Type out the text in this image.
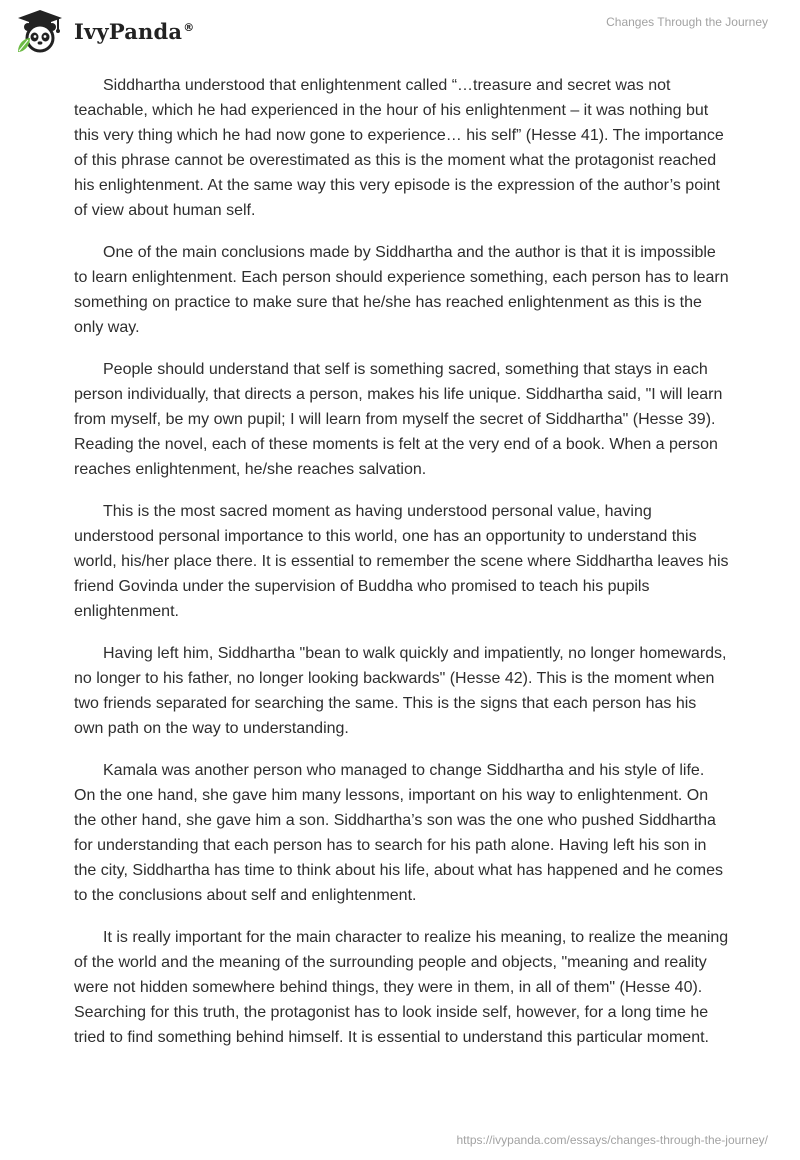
IvyPanda®	Changes Through the Journey

Siddhartha understood that enlightenment called “…treasure and secret was not teachable, which he had experienced in the hour of his enlightenment – it was nothing but this very thing which he had now gone to experience… his self” (Hesse 41). The importance of this phrase cannot be overestimated as this is the moment what the protagonist reached his enlightenment. At the same way this very episode is the expression of the author’s point of view about human self.

One of the main conclusions made by Siddhartha and the author is that it is impossible to learn enlightenment. Each person should experience something, each person has to learn something on practice to make sure that he/she has reached enlightenment as this is the only way.

People should understand that self is something sacred, something that stays in each person individually, that directs a person, makes his life unique. Siddhartha said, "I will learn from myself, be my own pupil; I will learn from myself the secret of Siddhartha" (Hesse 39). Reading the novel, each of these moments is felt at the very end of a book. When a person reaches enlightenment, he/she reaches salvation.

This is the most sacred moment as having understood personal value, having understood personal importance to this world, one has an opportunity to understand this world, his/her place there. It is essential to remember the scene where Siddhartha leaves his friend Govinda under the supervision of Buddha who promised to teach his pupils enlightenment.

Having left him, Siddhartha "bean to walk quickly and impatiently, no longer homewards, no longer to his father, no longer looking backwards" (Hesse 42). This is the moment when two friends separated for searching the same. This is the signs that each person has his own path on the way to understanding.

Kamala was another person who managed to change Siddhartha and his style of life. On the one hand, she gave him many lessons, important on his way to enlightenment. On the other hand, she gave him a son. Siddhartha’s son was the one who pushed Siddhartha for understanding that each person has to search for his path alone. Having left his son in the city, Siddhartha has time to think about his life, about what has happened and he comes to the conclusions about self and enlightenment.

It is really important for the main character to realize his meaning, to realize the meaning of the world and the meaning of the surrounding people and objects, "meaning and reality were not hidden somewhere behind things, they were in them, in all of them" (Hesse 40). Searching for this truth, the protagonist has to look inside self, however, for a long time he tried to find something behind himself. It is essential to understand this particular moment.

https://ivypanda.com/essays/changes-through-the-journey/
